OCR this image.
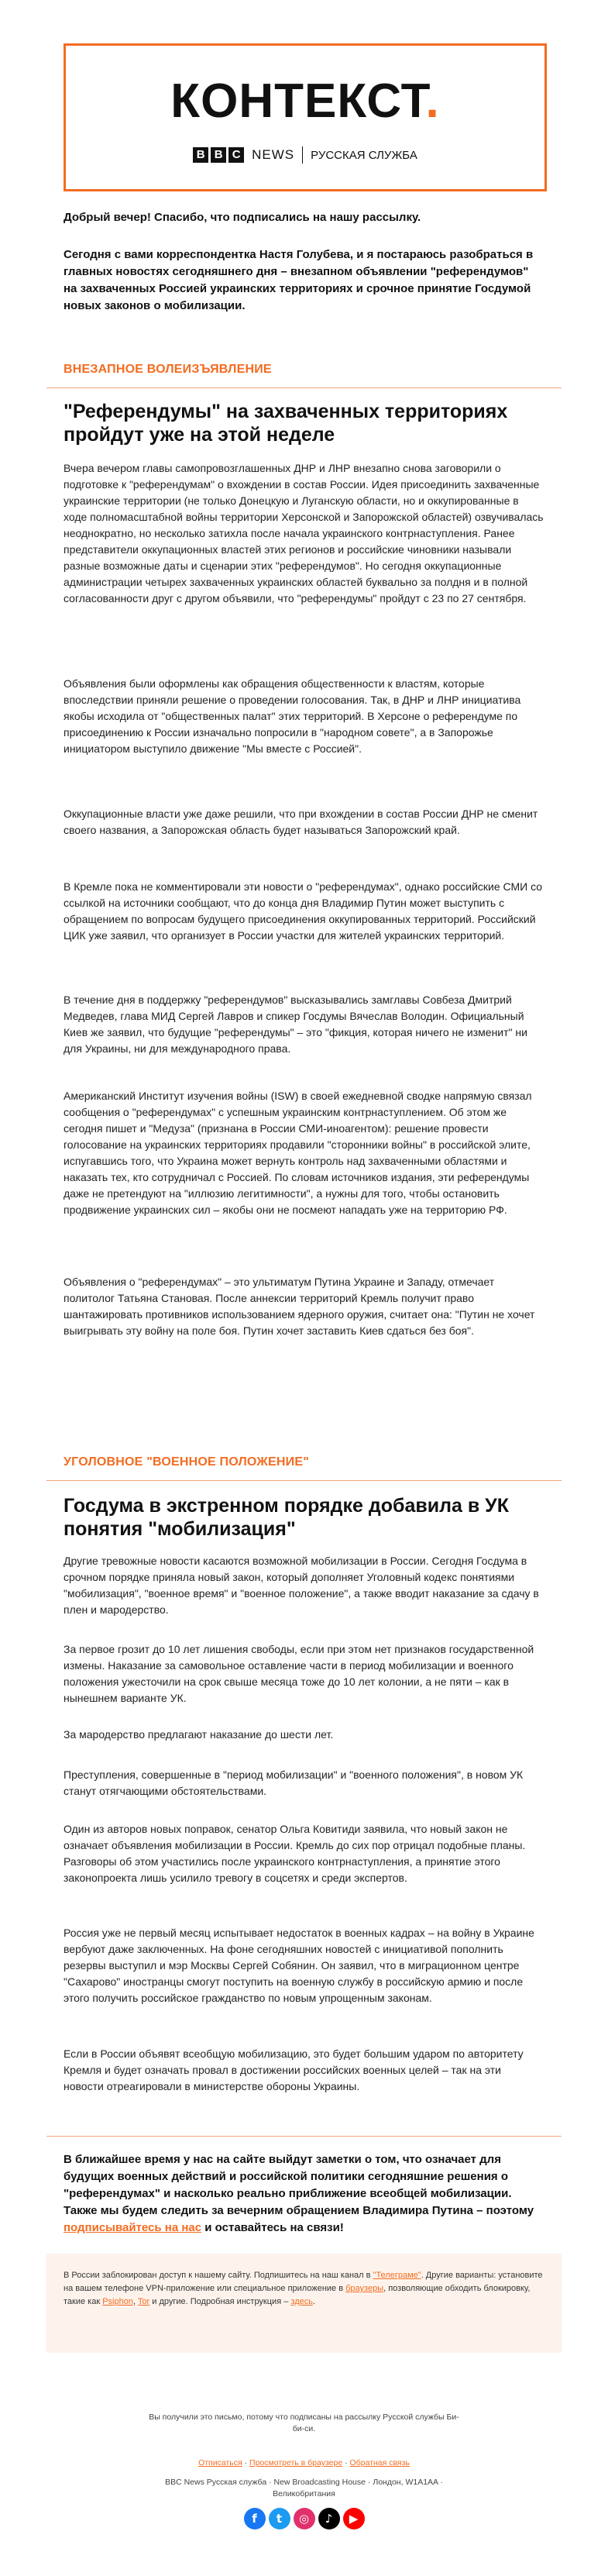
КОНТЕКСТ.
B B C NEWS РУССКАЯ СЛУЖБА

Добрый вечер! Спасибо, что подписались на нашу рассылку.

Сегодня с вами корреспондентка Настя Голубева, и я постараюсь разобраться в главных новостях сегодняшнего дня – внезапном объявлении "референдумов" на захваченных Россией украинских территориях и срочное принятие Госдумой новых законов о мобилизации.

ВНЕЗАПНОЕ ВОЛЕИЗЪЯВЛЕНИЕ
"Референдумы" на захваченных территориях пройдут уже на этой неделе

Вчера вечером главы самопровозглашенных ДНР и ЛНР внезапно снова заговорили о подготовке к "референдумам" о вхождении в состав России. Идея присоединить захваченные украинские территории (не только Донецкую и Луганскую области, но и оккупированные в ходе полномасштабной войны территории Херсонской и Запорожской областей) озвучивалась неоднократно, но несколько затихла после начала украинского контрнаступления. Ранее представители оккупационных властей этих регионов и российские чиновники называли разные возможные даты и сценарии этих "референдумов". Но сегодня оккупационные администрации четырех захваченных украинских областей буквально за полдня и в полной согласованности друг с другом объявили, что "референдумы" пройдут с 23 по 27 сентября.

Объявления были оформлены как обращения общественности к властям, которые впоследствии приняли решение о проведении голосования. Так, в ДНР и ЛНР инициатива якобы исходила от "общественных палат" этих территорий. В Херсоне о референдуме по присоединению к России изначально попросили в "народном совете", а в Запорожье инициатором выступило движение "Мы вместе с Россией".

Оккупационные власти уже даже решили, что при вхождении в состав России ДНР не сменит своего названия, а Запорожская область будет называться Запорожский край.

В Кремле пока не комментировали эти новости о "референдумах", однако российские СМИ со ссылкой на источники сообщают, что до конца дня Владимир Путин может выступить с обращением по вопросам будущего присоединения оккупированных территорий. Российский ЦИК уже заявил, что организует в России участки для жителей украинских территорий.

В течение дня в поддержку "референдумов" высказывались замглавы Совбеза Дмитрий Медведев, глава МИД Сергей Лавров и спикер Госдумы Вячеслав Володин. Официальный Киев же заявил, что будущие "референдумы" – это "фикция, которая ничего не изменит" ни для Украины, ни для международного права.

Американский Институт изучения войны (ISW) в своей ежедневной сводке напрямую связал сообщения о "референдумах" с успешным украинским контрнаступлением. Об этом же сегодня пишет и "Медуза" (признана в России СМИ-иноагентом): решение провести голосование на украинских территориях продавили "сторонники войны" в российской элите, испугавшись того, что Украина может вернуть контроль над захваченными областями и наказать тех, кто сотрудничал с Россией. По словам источников издания, эти референдумы даже не претендуют на "иллюзию легитимности", а нужны для того, чтобы остановить продвижение украинских сил – якобы они не посмеют нападать уже на территорию РФ.

Объявления о "референдумах" – это ультиматум Путина Украине и Западу, отмечает политолог Татьяна Становая. После аннексии территорий Кремль получит право шантажировать противников использованием ядерного оружия, считает она: "Путин не хочет выигрывать эту войну на поле боя. Путин хочет заставить Киев сдаться без боя".

УГОЛОВНОЕ "ВОЕННОЕ ПОЛОЖЕНИЕ"
Госдума в экстренном порядке добавила в УК понятия "мобилизация"

Другие тревожные новости касаются возможной мобилизации в России. Сегодня Госдума в срочном порядке приняла новый закон, который дополняет Уголовный кодекс понятиями "мобилизация", "военное время" и "военное положение", а также вводит наказание за сдачу в плен и мародерство.

За первое грозит до 10 лет лишения свободы, если при этом нет признаков государственной измены. Наказание за самовольное оставление части в период мобилизации и военного положения ужесточили на срок свыше месяца тоже до 10 лет колонии, а не пяти – как в нынешнем варианте УК.

За мародерство предлагают наказание до шести лет.

Преступления, совершенные в "период мобилизации" и "военного положения", в новом УК станут отягчающими обстоятельствами.

Один из авторов новых поправок, сенатор Ольга Ковитиди заявила, что новый закон не означает объявления мобилизации в России. Кремль до сих пор отрицал подобные планы. Разговоры об этом участились после украинского контрнаступления, а принятие этого законопроекта лишь усилило тревогу в соцсетях и среди экспертов.

Россия уже не первый месяц испытывает недостаток в военных кадрах – на войну в Украине вербуют даже заключенных. На фоне сегодняшних новостей с инициативой пополнить резервы выступил и мэр Москвы Сергей Собянин. Он заявил, что в миграционном центре "Сахарово" иностранцы смогут поступить на военную службу в российскую армию и после этого получить российское гражданство по новым упрощенным законам.

Если в России объявят всеобщую мобилизацию, это будет большим ударом по авторитету Кремля и будет означать провал в достижении российских военных целей – так на эти новости отреагировали в министерстве обороны Украины.

В ближайшее время у нас на сайте выйдут заметки о том, что означает для будущих военных действий и российской политики сегодняшние решения о "референдумах" и насколько реально приближение всеобщей мобилизации. Также мы будем следить за вечерним обращением Владимира Путина – поэтому подписывайтесь на нас и оставайтесь на связи!

В России заблокирован доступ к нашему сайту. Подпишитесь на наш канал в "Телеграме". Другие варианты: установите на вашем телефоне VPN-приложение или специальное приложение в браузеры, позволяющие обходить блокировку, такие как Psiphon, Tor и другие. Подробная инструкция – здесь.

Вы получили это письмо, потому что подписаны на рассылку Русской службы Би-би-си.

Отписаться · Просмотреть в браузере · Обратная связь

BBC News Русская служба · New Broadcasting House · Лондон, W1A1AA · Великобритания

f	t	◎	♪	▶
